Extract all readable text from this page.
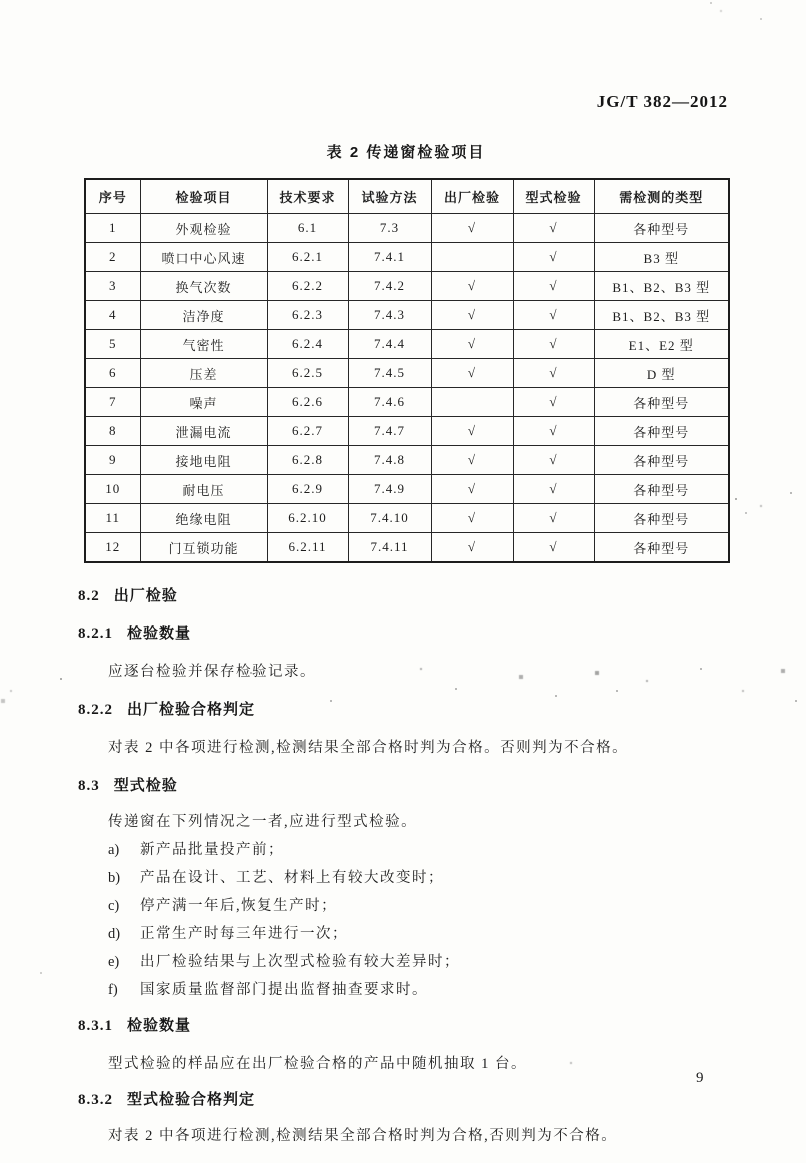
JG/T 382—2012
表 2 传递窗检验项目
序号	检验项目	技术要求	试验方法	出厂检验	型式检验	需检测的类型
1	外观检验	6.1	7.3	√	√	各种型号
2	喷口中心风速	6.2.1	7.4.1		√	B3 型
3	换气次数	6.2.2	7.4.2	√	√	B1、B2、B3 型
4	洁净度	6.2.3	7.4.3	√	√	B1、B2、B3 型
5	气密性	6.2.4	7.4.4	√	√	E1、E2 型
6	压差	6.2.5	7.4.5	√	√	D 型
7	噪声	6.2.6	7.4.6		√	各种型号
8	泄漏电流	6.2.7	7.4.7	√	√	各种型号
9	接地电阻	6.2.8	7.4.8	√	√	各种型号
10	耐电压	6.2.9	7.4.9	√	√	各种型号
11	绝缘电阻	6.2.10	7.4.10	√	√	各种型号
12	门互锁功能	6.2.11	7.4.11	√	√	各种型号
8.2 出厂检验
8.2.1 检验数量
应逐台检验并保存检验记录。
8.2.2 出厂检验合格判定
对表 2 中各项进行检测,检测结果全部合格时判为合格。否则判为不合格。
8.3 型式检验
传递窗在下列情况之一者,应进行型式检验。
a) 新产品批量投产前；
b) 产品在设计、工艺、材料上有较大改变时；
c) 停产满一年后,恢复生产时；
d) 正常生产时每三年进行一次；
e) 出厂检验结果与上次型式检验有较大差异时；
f) 国家质量监督部门提出监督抽查要求时。
8.3.1 检验数量
型式检验的样品应在出厂检验合格的产品中随机抽取 1 台。
8.3.2 型式检验合格判定
对表 2 中各项进行检测,检测结果全部合格时判为合格,否则判为不合格。
9
